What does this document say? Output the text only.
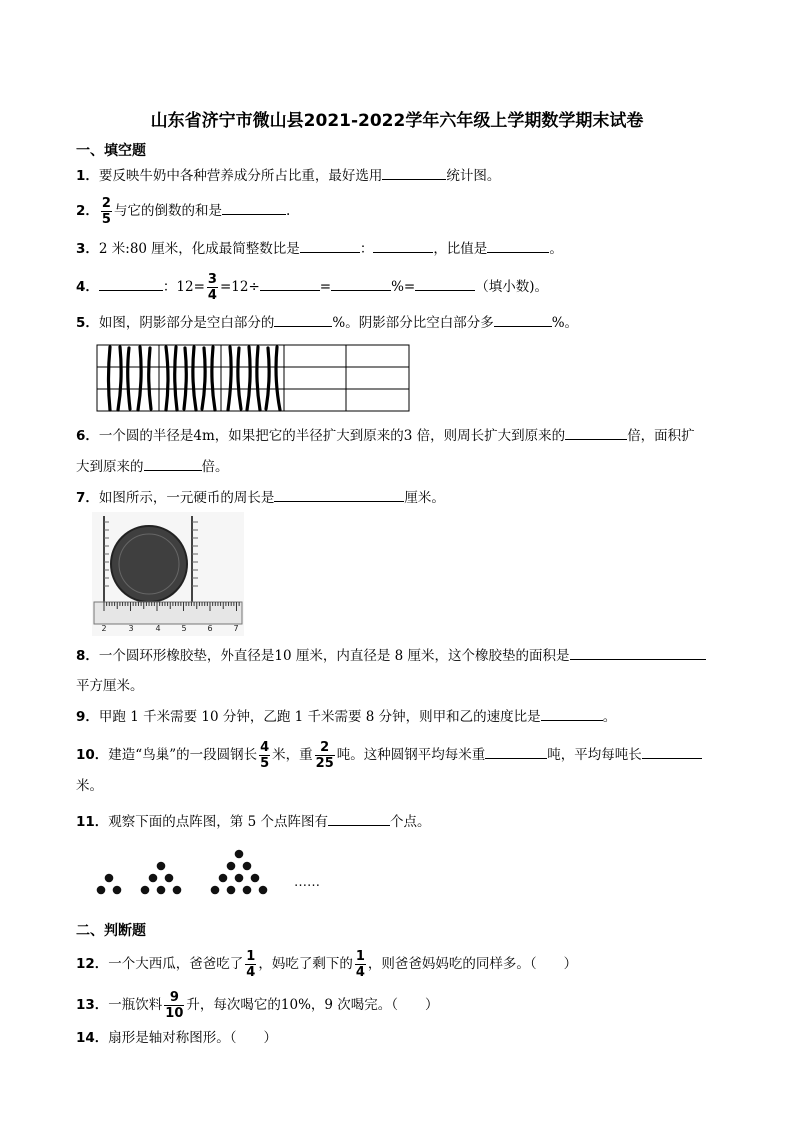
山东省济宁市微山县2021-2022学年六年级上学期数学期末试卷
一、填空题
1．要反映牛奶中各种营养成分所占比重，最好选用	统计图。
2． $\frac{2}{5}$ 与它的倒数的和是	.
3．2 米:80 厘米，化成最简整数比是	：	，比值是	。
4．	：$12= \frac{3}{4} =12\div$	=	%=	（填小数)。
5．如图，阴影部分是空白部分的	%。阴影部分比空白部分多	%。
6．一个圆的半径是4m，如果把它的半径扩大到原来的3 倍，则周长扩大到原来的	倍，面积扩
大到原来的	倍。
7．如图所示，一元硬币的周长是	厘米。
2	3	4	5	6	7
8．一个圆环形橡胶垫，外直径是10 厘米，内直径是 8 厘米，这个橡胶垫的面积是
平方厘米。
9．甲跑 1 千米需要 10 分钟，乙跑 1 千米需要 8 分钟，则甲和乙的速度比是	。
10．建造“鸟巢”的一段圆钢长 $\frac{4}{5}$ 米，重 $\frac{2}{25}$ 吨。这种圆钢平均每米重	吨，平均每吨长
米。
11．观察下面的点阵图，第 5 个点阵图有	个点。
……
二、判断题
12．一个大西瓜，爸爸吃了 $\frac{1}{4}$ ，妈吃了剩下的 $\frac{1}{4}$ ，则爸爸妈妈吃的同样多。（　　）
13．一瓶饮料 $\frac{9}{10}$ 升，每次喝它的10%，9 次喝完。（　　）
14．扇形是轴对称图形。（　　）
